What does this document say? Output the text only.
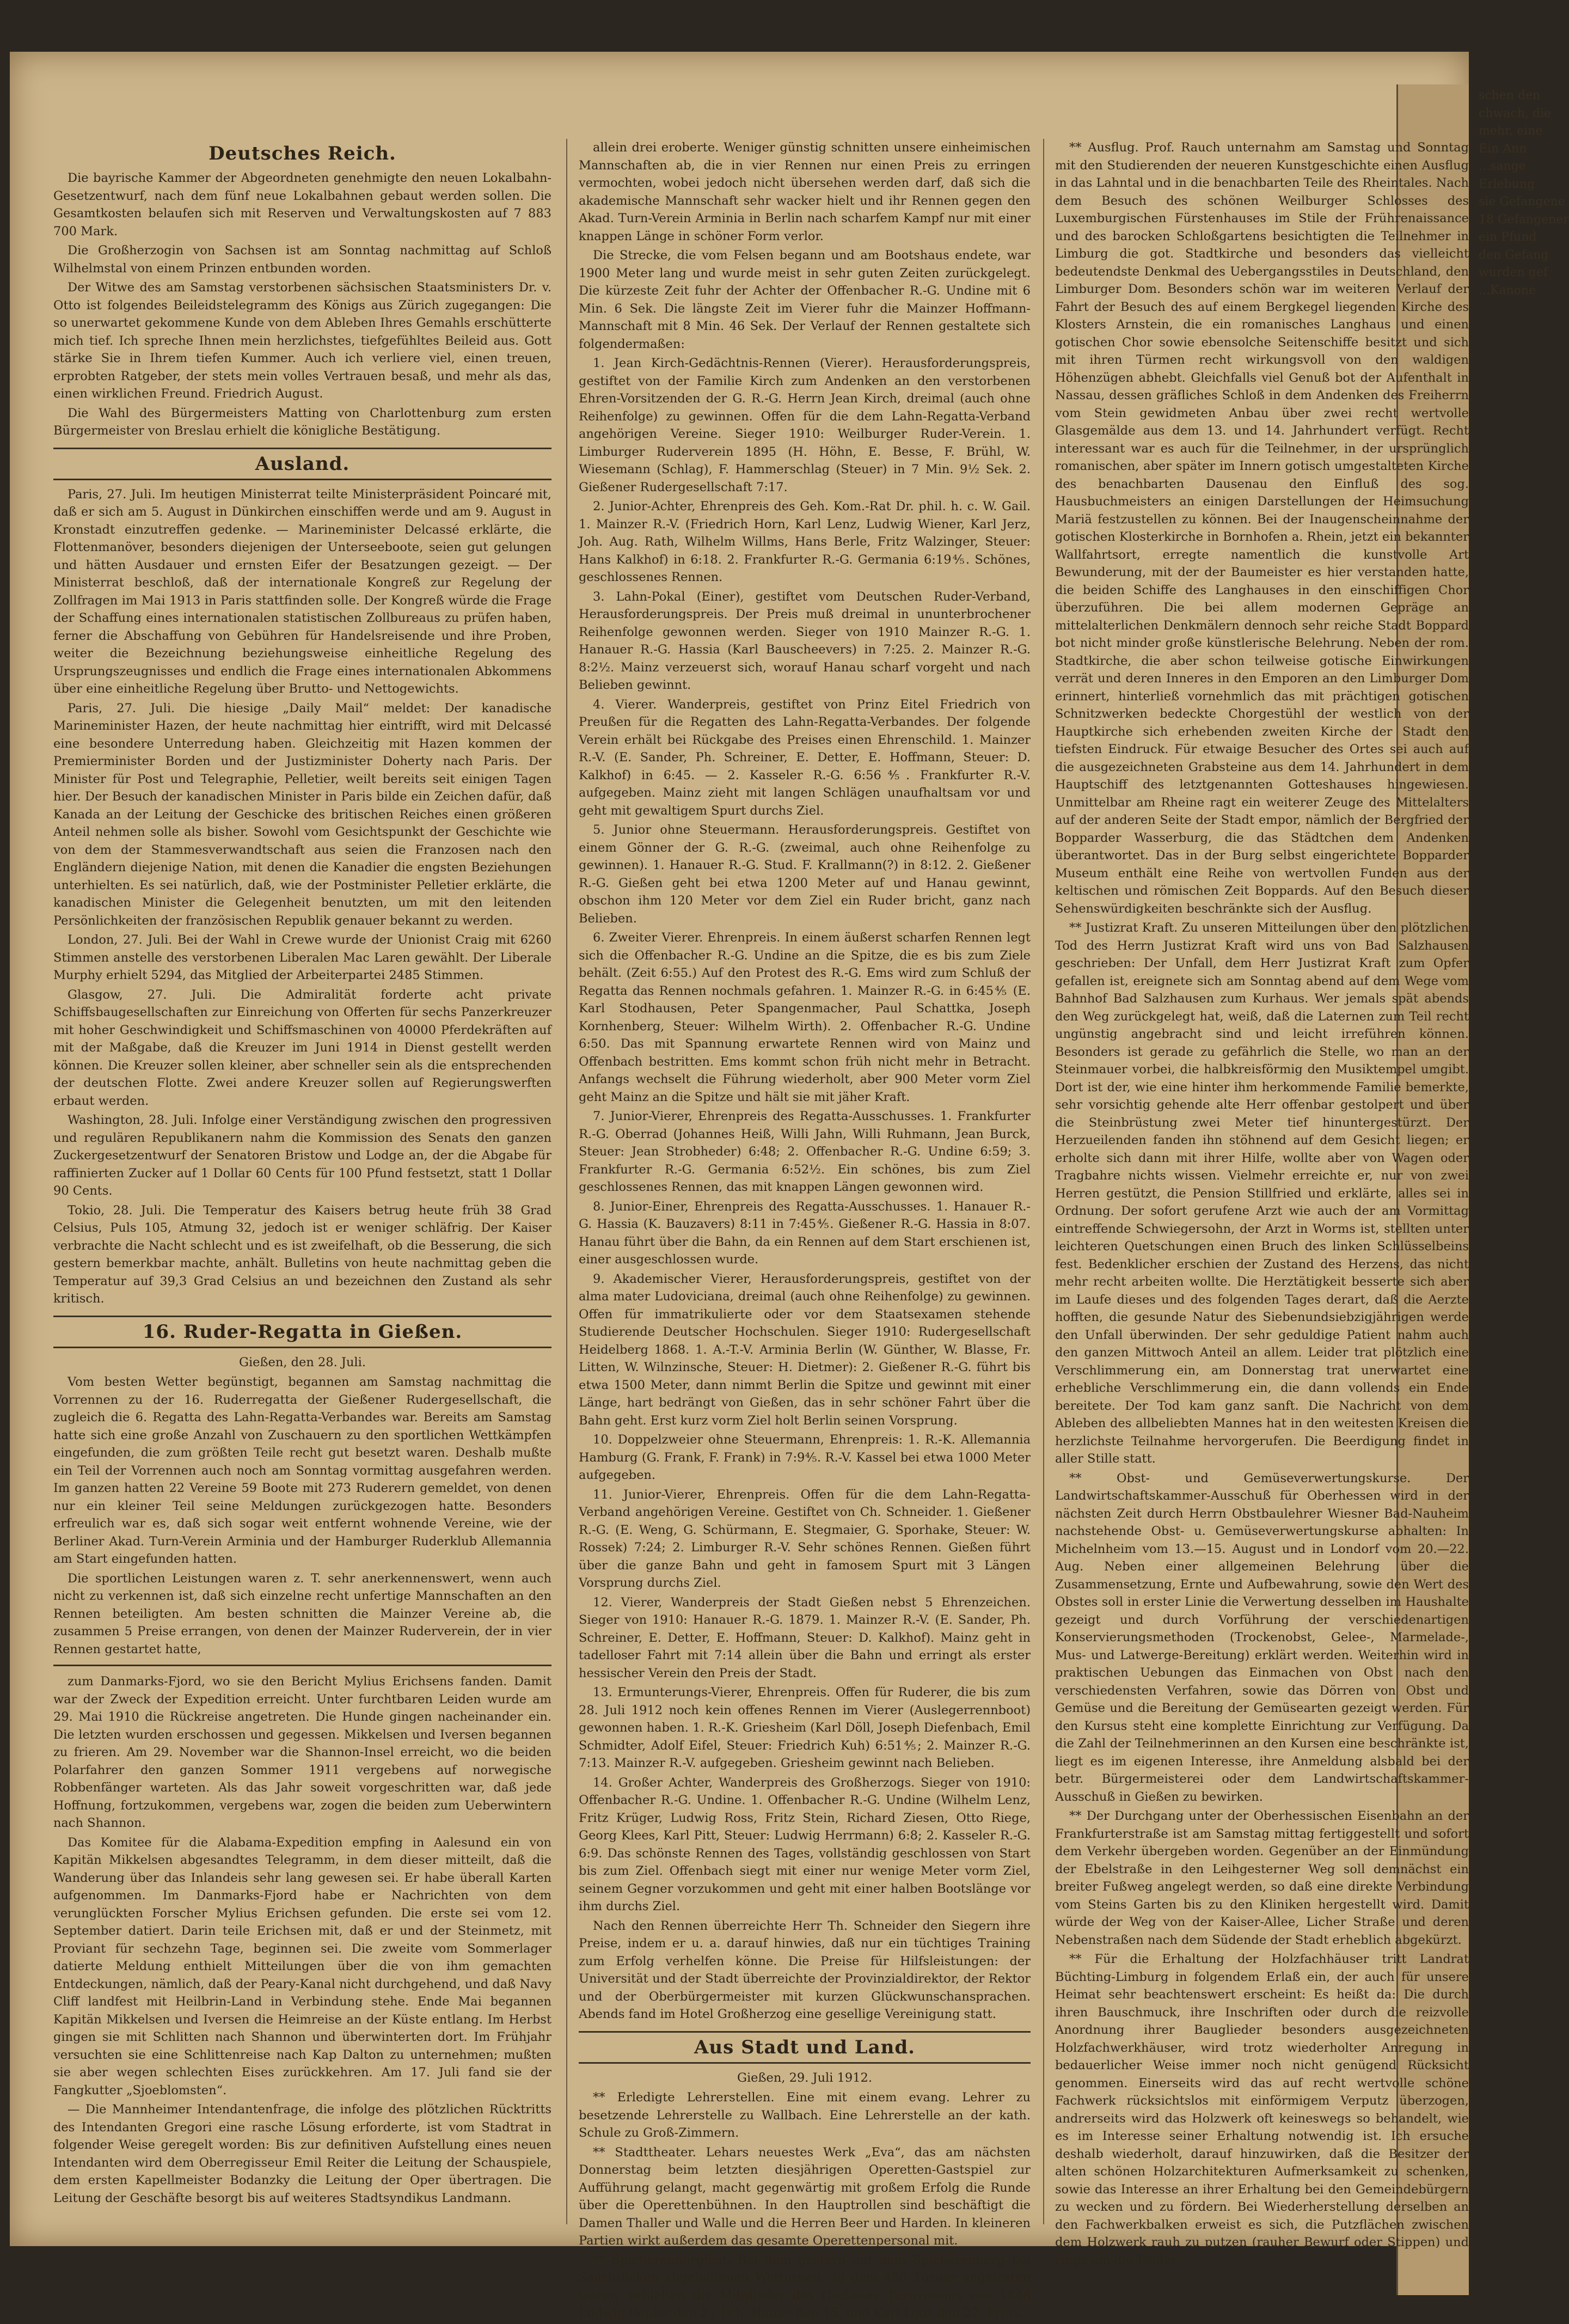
Deutsches Reich.

Die bayrische Kammer der Abgeordneten genehmigte den neuen Lokalbahn-Gesetzentwurf, nach dem fünf neue Lokalbahnen gebaut werden sollen. Die Gesamtkosten belaufen sich mit Reserven und Verwaltungskosten auf 7 883 700 Mark.

Die Großherzogin von Sachsen ist am Sonntag nachmittag auf Schloß Wilhelmstal von einem Prinzen entbunden worden.

Der Witwe des am Samstag verstorbenen sächsischen Staatsministers Dr. v. Otto ist folgendes Beileidstelegramm des Königs aus Zürich zugegangen: Die so unerwartet gekommene Kunde von dem Ableben Ihres Gemahls erschütterte mich tief. Ich spreche Ihnen mein herzlichstes, tiefgefühltes Beileid aus. Gott stärke Sie in Ihrem tiefen Kummer. Auch ich verliere viel, einen treuen, erprobten Ratgeber, der stets mein volles Vertrauen besaß, und mehr als das, einen wirklichen Freund. Friedrich August.

Die Wahl des Bürgermeisters Matting von Charlottenburg zum ersten Bürgermeister von Breslau erhielt die königliche Bestätigung.

Ausland.

Paris, 27. Juli. Im heutigen Ministerrat teilte Ministerpräsident Poincaré mit, daß er sich am 5. August in Dünkirchen einschiffen werde und am 9. August in Kronstadt einzutreffen gedenke. — Marineminister Delcassé erklärte, die Flottenmanöver, besonders diejenigen der Unterseeboote, seien gut gelungen und hätten Ausdauer und ernsten Eifer der Besatzungen gezeigt. — Der Ministerrat beschloß, daß der internationale Kongreß zur Regelung der Zollfragen im Mai 1913 in Paris stattfinden solle. Der Kongreß würde die Frage der Schaffung eines internationalen statistischen Zollbureaus zu prüfen haben, ferner die Abschaffung von Gebühren für Handelsreisende und ihre Proben, weiter die Bezeichnung beziehungsweise einheitliche Regelung des Ursprungszeugnisses und endlich die Frage eines internationalen Abkommens über eine einheitliche Regelung über Brutto- und Nettogewichts.

Paris, 27. Juli. Die hiesige „Daily Mail“ meldet: Der kanadische Marineminister Hazen, der heute nachmittag hier eintrifft, wird mit Delcassé eine besondere Unterredung haben. Gleichzeitig mit Hazen kommen der Premierminister Borden und der Justizminister Doherty nach Paris. Der Minister für Post und Telegraphie, Pelletier, weilt bereits seit einigen Tagen hier. Der Besuch der kanadischen Minister in Paris bilde ein Zeichen dafür, daß Kanada an der Leitung der Geschicke des britischen Reiches einen größeren Anteil nehmen solle als bisher. Sowohl vom Gesichtspunkt der Geschichte wie von dem der Stammesverwandtschaft aus seien die Franzosen nach den Engländern diejenige Nation, mit denen die Kanadier die engsten Beziehungen unterhielten. Es sei natürlich, daß, wie der Postminister Pelletier erklärte, die kanadischen Minister die Gelegenheit benutzten, um mit den leitenden Persönlichkeiten der französischen Republik genauer bekannt zu werden.

London, 27. Juli. Bei der Wahl in Crewe wurde der Unionist Craig mit 6260 Stimmen anstelle des verstorbenen Liberalen Mac Laren gewählt. Der Liberale Murphy erhielt 5294, das Mitglied der Arbeiterpartei 2485 Stimmen.

Glasgow, 27. Juli. Die Admiralität forderte acht private Schiffsbaugesellschaften zur Einreichung von Offerten für sechs Panzerkreuzer mit hoher Geschwindigkeit und Schiffsmaschinen von 40000 Pferdekräften auf mit der Maßgabe, daß die Kreuzer im Juni 1914 in Dienst gestellt werden können. Die Kreuzer sollen kleiner, aber schneller sein als die entsprechenden der deutschen Flotte. Zwei andere Kreuzer sollen auf Regierungswerften erbaut werden.

Washington, 28. Juli. Infolge einer Verständigung zwischen den progressiven und regulären Republikanern nahm die Kommission des Senats den ganzen Zuckergesetzentwurf der Senatoren Bristow und Lodge an, der die Abgabe für raffinierten Zucker auf 1 Dollar 60 Cents für 100 Pfund festsetzt, statt 1 Dollar 90 Cents.

Tokio, 28. Juli. Die Temperatur des Kaisers betrug heute früh 38 Grad Celsius, Puls 105, Atmung 32, jedoch ist er weniger schläfrig. Der Kaiser verbrachte die Nacht schlecht und es ist zweifelhaft, ob die Besserung, die sich gestern bemerkbar machte, anhält. Bulletins von heute nachmittag geben die Temperatur auf 39,3 Grad Celsius an und bezeichnen den Zustand als sehr kritisch.

16. Ruder-Regatta in Gießen.
Gießen, den 28. Juli.

Vom besten Wetter begünstigt, begannen am Samstag nachmittag die Vorrennen zu der 16. Ruderregatta der Gießener Rudergesellschaft, die zugleich die 6. Regatta des Lahn-Regatta-Verbandes war. Bereits am Samstag hatte sich eine große Anzahl von Zuschauern zu den sportlichen Wettkämpfen eingefunden, die zum größten Teile recht gut besetzt waren. Deshalb mußte ein Teil der Vorrennen auch noch am Sonntag vormittag ausgefahren werden. Im ganzen hatten 22 Vereine 59 Boote mit 273 Ruderern gemeldet, von denen nur ein kleiner Teil seine Meldungen zurückgezogen hatte. Besonders erfreulich war es, daß sich sogar weit entfernt wohnende Vereine, wie der Berliner Akad. Turn-Verein Arminia und der Hamburger Ruderklub Allemannia am Start eingefunden hatten.

Die sportlichen Leistungen waren z. T. sehr anerkennenswert, wenn auch nicht zu verkennen ist, daß sich einzelne recht unfertige Mannschaften an den Rennen beteiligten. Am besten schnitten die Mainzer Vereine ab, die zusammen 5 Preise errangen, von denen der Mainzer Ruderverein, der in vier Rennen gestartet hatte,

zum Danmarks-Fjord, wo sie den Bericht Mylius Erichsens fanden. Damit war der Zweck der Expedition erreicht. Unter furchtbaren Leiden wurde am 29. Mai 1910 die Rückreise angetreten. Die Hunde gingen nacheinander ein. Die letzten wurden erschossen und gegessen. Mikkelsen und Iversen begannen zu frieren. Am 29. November war die Shannon-Insel erreicht, wo die beiden Polarfahrer den ganzen Sommer 1911 vergebens auf norwegische Robbenfänger warteten. Als das Jahr soweit vorgeschritten war, daß jede Hoffnung, fortzukommen, vergebens war, zogen die beiden zum Ueberwintern nach Shannon.

Das Komitee für die Alabama-Expedition empfing in Aalesund ein von Kapitän Mikkelsen abgesandtes Telegramm, in dem dieser mitteilt, daß die Wanderung über das Inlandeis sehr lang gewesen sei. Er habe überall Karten aufgenommen. Im Danmarks-Fjord habe er Nachrichten von dem verunglückten Forscher Mylius Erichsen gefunden. Die erste sei vom 12. September datiert. Darin teile Erichsen mit, daß er und der Steinmetz, mit Proviant für sechzehn Tage, beginnen sei. Die zweite vom Sommerlager datierte Meldung enthielt Mitteilungen über die von ihm gemachten Entdeckungen, nämlich, daß der Peary-Kanal nicht durchgehend, und daß Navy Cliff landfest mit Heilbrin-Land in Verbindung stehe. Ende Mai begannen Kapitän Mikkelsen und Iversen die Heimreise an der Küste entlang. Im Herbst gingen sie mit Schlitten nach Shannon und überwinterten dort. Im Frühjahr versuchten sie eine Schlittenreise nach Kap Dalton zu unternehmen; mußten sie aber wegen schlechten Eises zurückkehren. Am 17. Juli fand sie der Fangkutter „Sjoeblomsten“.

— Die Mannheimer Intendantenfrage, die infolge des plötzlichen Rücktritts des Intendanten Gregori eine rasche Lösung erforderte, ist vom Stadtrat in folgender Weise geregelt worden: Bis zur definitiven Aufstellung eines neuen Intendanten wird dem Oberregisseur Emil Reiter die Leitung der Schauspiele, dem ersten Kapellmeister Bodanzky die Leitung der Oper übertragen. Die Leitung der Geschäfte besorgt bis auf weiteres Stadtsyndikus Landmann.

allein drei eroberte. Weniger günstig schnitten unsere einheimischen Mannschaften ab, die in vier Rennen nur einen Preis zu erringen vermochten, wobei jedoch nicht übersehen werden darf, daß sich die akademische Mannschaft sehr wacker hielt und ihr Rennen gegen den Akad. Turn-Verein Arminia in Berlin nach scharfem Kampf nur mit einer knappen Länge in schöner Form verlor.

Die Strecke, die vom Felsen begann und am Bootshaus endete, war 1900 Meter lang und wurde meist in sehr guten Zeiten zurückgelegt. Die kürzeste Zeit fuhr der Achter der Offenbacher R.-G. Undine mit 6 Min. 6 Sek. Die längste Zeit im Vierer fuhr die Mainzer Hoffmann-Mannschaft mit 8 Min. 46 Sek. Der Verlauf der Rennen gestaltete sich folgendermaßen:

1. Jean Kirch-Gedächtnis-Rennen (Vierer). Herausforderungspreis, gestiftet von der Familie Kirch zum Andenken an den verstorbenen Ehren-Vorsitzenden der G. R.-G. Herrn Jean Kirch, dreimal (auch ohne Reihenfolge) zu gewinnen. Offen für die dem Lahn-Regatta-Verband angehörigen Vereine. Sieger 1910: Weilburger Ruder-Verein. 1. Limburger Ruderverein 1895 (H. Höhn, E. Besse, F. Brühl, W. Wiesemann (Schlag), F. Hammerschlag (Steuer) in 7 Min. 9½ Sek. 2. Gießener Rudergesellschaft 7:17.

2. Junior-Achter, Ehrenpreis des Geh. Kom.-Rat Dr. phil. h. c. W. Gail. 1. Mainzer R.-V. (Friedrich Horn, Karl Lenz, Ludwig Wiener, Karl Jerz, Joh. Aug. Rath, Wilhelm Willms, Hans Berle, Fritz Walzinger, Steuer: Hans Kalkhof) in 6:18. 2. Frankfurter R.-G. Germania 6:19⅘. Schönes, geschlossenes Rennen.

3. Lahn-Pokal (Einer), gestiftet vom Deutschen Ruder-Verband, Herausforderungspreis. Der Preis muß dreimal in ununterbrochener Reihenfolge gewonnen werden. Sieger von 1910 Mainzer R.-G. 1. Hanauer R.-G. Hassia (Karl Bauscheevers) in 7:25. 2. Mainzer R.-G. 8:2½. Mainz verzeuerst sich, worauf Hanau scharf vorgeht und nach Belieben gewinnt.

4. Vierer. Wanderpreis, gestiftet von Prinz Eitel Friedrich von Preußen für die Regatten des Lahn-Regatta-Verbandes. Der folgende Verein erhält bei Rückgabe des Preises einen Ehrenschild. 1. Mainzer R.-V. (E. Sander, Ph. Schreiner, E. Detter, E. Hoffmann, Steuer: D. Kalkhof) in 6:45. — 2. Kasseler R.-G. 6:56⅘. Frankfurter R.-V. aufgegeben. Mainz zieht mit langen Schlägen unaufhaltsam vor und geht mit gewaltigem Spurt durchs Ziel.

5. Junior ohne Steuermann. Herausforderungspreis. Gestiftet von einem Gönner der G. R.-G. (zweimal, auch ohne Reihenfolge zu gewinnen). 1. Hanauer R.-G. Stud. F. Krallmann(?) in 8:12. 2. Gießener R.-G. Gießen geht bei etwa 1200 Meter auf und Hanau gewinnt, obschon ihm 120 Meter vor dem Ziel ein Ruder bricht, ganz nach Belieben.

6. Zweiter Vierer. Ehrenpreis. In einem äußerst scharfen Rennen legt sich die Offenbacher R.-G. Undine an die Spitze, die es bis zum Ziele behält. (Zeit 6:55.) Auf den Protest des R.-G. Ems wird zum Schluß der Regatta das Rennen nochmals gefahren. 1. Mainzer R.-G. in 6:45⅘ (E. Karl Stodhausen, Peter Spangenmacher, Paul Schattka, Joseph Kornhenberg, Steuer: Wilhelm Wirth). 2. Offenbacher R.-G. Undine 6:50. Das mit Spannung erwartete Rennen wird von Mainz und Offenbach bestritten. Ems kommt schon früh nicht mehr in Betracht. Anfangs wechselt die Führung wiederholt, aber 900 Meter vorm Ziel geht Mainz an die Spitze und hält sie mit jäher Kraft.

7. Junior-Vierer, Ehrenpreis des Regatta-Ausschusses. 1. Frankfurter R.-G. Oberrad (Johannes Heiß, Willi Jahn, Willi Ruhmann, Jean Burck, Steuer: Jean Strobheder) 6:48; 2. Offenbacher R.-G. Undine 6:59; 3. Frankfurter R.-G. Germania 6:52½. Ein schönes, bis zum Ziel geschlossenes Rennen, das mit knappen Längen gewonnen wird.

8. Junior-Einer, Ehrenpreis des Regatta-Ausschusses. 1. Hanauer R.-G. Hassia (K. Bauzavers) 8:11 in 7:45⅘. Gießener R.-G. Hassia in 8:07. Hanau führt über die Bahn, da ein Rennen auf dem Start erschienen ist, einer ausgeschlossen wurde.

9. Akademischer Vierer, Herausforderungspreis, gestiftet von der alma mater Ludoviciana, dreimal (auch ohne Reihenfolge) zu gewinnen. Offen für immatrikulierte oder vor dem Staatsexamen stehende Studierende Deutscher Hochschulen. Sieger 1910: Rudergesellschaft Heidelberg 1868. 1. A.-T.-V. Arminia Berlin (W. Günther, W. Blasse, Fr. Litten, W. Wilnzinsche, Steuer: H. Dietmer): 2. Gießener R.-G. führt bis etwa 1500 Meter, dann nimmt Berlin die Spitze und gewinnt mit einer Länge, hart bedrängt von Gießen, das in sehr schöner Fahrt über die Bahn geht. Erst kurz vorm Ziel holt Berlin seinen Vorsprung.

10. Doppelzweier ohne Steuermann, Ehrenpreis: 1. R.-K. Allemannia Hamburg (G. Frank, F. Frank) in 7:9⅘. R.-V. Kassel bei etwa 1000 Meter aufgegeben.

11. Junior-Vierer, Ehrenpreis. Offen für die dem Lahn-Regatta-Verband angehörigen Vereine. Gestiftet von Ch. Schneider. 1. Gießener R.-G. (E. Weng, G. Schürmann, E. Stegmaier, G. Sporhake, Steuer: W. Rossek) 7:24; 2. Limburger R.-V. Sehr schönes Rennen. Gießen führt über die ganze Bahn und geht in famosem Spurt mit 3 Längen Vorsprung durchs Ziel.

12. Vierer, Wanderpreis der Stadt Gießen nebst 5 Ehrenzeichen. Sieger von 1910: Hanauer R.-G. 1879. 1. Mainzer R.-V. (E. Sander, Ph. Schreiner, E. Detter, E. Hoffmann, Steuer: D. Kalkhof). Mainz geht in tadelloser Fahrt mit 7:14 allein über die Bahn und erringt als erster hessischer Verein den Preis der Stadt.

13. Ermunterungs-Vierer, Ehrenpreis. Offen für Ruderer, die bis zum 28. Juli 1912 noch kein offenes Rennen im Vierer (Auslegerrennboot) gewonnen haben. 1. R.-K. Griesheim (Karl Döll, Joseph Diefenbach, Emil Schmidter, Adolf Eifel, Steuer: Friedrich Kuh) 6:51⅘; 2. Mainzer R.-G. 7:13. Mainzer R.-V. aufgegeben. Griesheim gewinnt nach Belieben.

14. Großer Achter, Wanderpreis des Großherzogs. Sieger von 1910: Offenbacher R.-G. Undine. 1. Offenbacher R.-G. Undine (Wilhelm Lenz, Fritz Krüger, Ludwig Ross, Fritz Stein, Richard Ziesen, Otto Riege, Georg Klees, Karl Pitt, Steuer: Ludwig Herrmann) 6:8; 2. Kasseler R.-G. 6:9. Das schönste Rennen des Tages, vollständig geschlossen von Start bis zum Ziel. Offenbach siegt mit einer nur wenige Meter vorm Ziel, seinem Gegner vorzukommen und geht mit einer halben Bootslänge vor ihm durchs Ziel.

Nach den Rennen überreichte Herr Th. Schneider den Siegern ihre Preise, indem er u. a. darauf hinwies, daß nur ein tüchtiges Training zum Erfolg verhelfen könne. Die Preise für Hilfsleistungen: der Universität und der Stadt überreichte der Provinzialdirektor, der Rektor und der Oberbürgermeister mit kurzen Glückwunschansprachen. Abends fand im Hotel Großherzog eine gesellige Vereinigung statt.

Aus Stadt und Land.
Gießen, 29. Juli 1912.

** Erledigte Lehrerstellen. Eine mit einem evang. Lehrer zu besetzende Lehrerstelle zu Wallbach. Eine Lehrerstelle an der kath. Schule zu Groß-Zimmern.

** Stadttheater. Lehars neuestes Werk „Eva“, das am nächsten Donnerstag beim letzten diesjährigen Operetten-Gastspiel zur Aufführung gelangt, macht gegenwärtig mit großem Erfolg die Runde über die Operettenbühnen. In den Hauptrollen sind beschäftigt die Damen Thaller und Walle und die Herren Beer und Harden. In kleineren Partien wirkt außerdem das gesamte Operettenpersonal mit.

** Spicherenbergfest. Bei dem gestern auf dem Spicherenberg bei Saarbrücken abgehaltenen Wetturnen, zu dem 480 Turner angetreten waren, erhielten die Mitglieder des Gießener Turnvereins von 1846 Ludwig Bepler den 2., Fch. Hamel den 15. und Karl Loos den 22. Preis.

** Ausflug. Prof. Rauch unternahm am Samstag und Sonntag mit den Studierenden der neueren Kunstgeschichte einen Ausflug in das Lahntal und in die benachbarten Teile des Rheintales. Nach dem Besuch des schönen Weilburger Schlosses des Luxemburgischen Fürstenhauses im Stile der Frührenaissance und des barocken Schloßgartens besichtigten die Teilnehmer in Limburg die got. Stadtkirche und besonders das vielleicht bedeutendste Denkmal des Uebergangsstiles in Deutschland, den Limburger Dom. Besonders schön war im weiteren Verlauf der Fahrt der Besuch des auf einem Bergkegel liegenden Kirche des Klosters Arnstein, die ein romanisches Langhaus und einen gotischen Chor sowie ebensolche Seitenschiffe besitzt und sich mit ihren Türmen recht wirkungsvoll von den waldigen Höhenzügen abhebt. Gleichfalls viel Genuß bot der Aufenthalt in Nassau, dessen gräfliches Schloß in dem Andenken des Freiherrn vom Stein gewidmeten Anbau über zwei recht wertvolle Glasgemälde aus dem 13. und 14. Jahrhundert verfügt. Recht interessant war es auch für die Teilnehmer, in der ursprünglich romanischen, aber später im Innern gotisch umgestalteten Kirche des benachbarten Dausenau den Einfluß des sog. Hausbuchmeisters an einigen Darstellungen der Heimsuchung Mariä festzustellen zu können. Bei der Inaugenscheinnahme der gotischen Klosterkirche in Bornhofen a. Rhein, jetzt ein bekannter Wallfahrtsort, erregte namentlich die kunstvolle Art Bewunderung, mit der der Baumeister es hier verstanden hatte, die beiden Schiffe des Langhauses in den einschiffigen Chor überzuführen. Die bei allem modernen Gepräge an mittelalterlichen Denkmälern dennoch sehr reiche Stadt Boppard bot nicht minder große künstlerische Belehrung. Neben der rom. Stadtkirche, die aber schon teilweise gotische Einwirkungen verrät und deren Inneres in den Emporen an den Limburger Dom erinnert, hinterließ vornehmlich das mit prächtigen gotischen Schnitzwerken bedeckte Chorgestühl der westlich von der Hauptkirche sich erhebenden zweiten Kirche der Stadt den tiefsten Eindruck. Für etwaige Besucher des Ortes sei auch auf die ausgezeichneten Grabsteine aus dem 14. Jahrhundert in dem Hauptschiff des letztgenannten Gotteshauses hingewiesen. Unmittelbar am Rheine ragt ein weiterer Zeuge des Mittelalters auf der anderen Seite der Stadt empor, nämlich der Bergfried der Bopparder Wasserburg, die das Städtchen dem Andenken überantwortet. Das in der Burg selbst eingerichtete Bopparder Museum enthält eine Reihe von wertvollen Funden aus der keltischen und römischen Zeit Boppards. Auf den Besuch dieser Sehenswürdigkeiten beschränkte sich der Ausflug.

** Justizrat Kraft. Zu unseren Mitteilungen über den plötzlichen Tod des Herrn Justizrat Kraft wird uns von Bad Salzhausen geschrieben: Der Unfall, dem Herr Justizrat Kraft zum Opfer gefallen ist, ereignete sich am Sonntag abend auf dem Wege vom Bahnhof Bad Salzhausen zum Kurhaus. Wer jemals spät abends den Weg zurückgelegt hat, weiß, daß die Laternen zum Teil recht ungünstig angebracht sind und leicht irreführen können. Besonders ist gerade zu gefährlich die Stelle, wo man an der Steinmauer vorbei, die halbkreisförmig den Musiktempel umgibt. Dort ist der, wie eine hinter ihm herkommende Familie bemerkte, sehr vorsichtig gehende alte Herr offenbar gestolpert und über die Steinbrüstung zwei Meter tief hinuntergestürzt. Der Herzueilenden fanden ihn stöhnend auf dem Gesicht liegen; er erholte sich dann mit ihrer Hilfe, wollte aber von Wagen oder Tragbahre nichts wissen. Vielmehr erreichte er, nur von zwei Herren gestützt, die Pension Stillfried und erklärte, alles sei in Ordnung. Der sofort gerufene Arzt wie auch der am Vormittag eintreffende Schwiegersohn, der Arzt in Worms ist, stellten unter leichteren Quetschungen einen Bruch des linken Schlüsselbeins fest. Bedenklicher erschien der Zustand des Herzens, das nicht mehr recht arbeiten wollte. Die Herztätigkeit besserte sich aber im Laufe dieses und des folgenden Tages derart, daß die Aerzte hofften, die gesunde Natur des Siebenundsiebzigjährigen werde den Unfall überwinden. Der sehr geduldige Patient nahm auch den ganzen Mittwoch Anteil an allem. Leider trat plötzlich eine Verschlimmerung ein, am Donnerstag trat unerwartet eine erhebliche Verschlimmerung ein, die dann vollends ein Ende bereitete. Der Tod kam ganz sanft. Die Nachricht von dem Ableben des allbeliebten Mannes hat in den weitesten Kreisen die herzlichste Teilnahme hervorgerufen. Die Beerdigung findet in aller Stille statt.

** Obst- und Gemüseverwertungskurse. Der Landwirtschaftskammer-Ausschuß für Oberhessen wird in der nächsten Zeit durch Herrn Obstbaulehrer Wiesner Bad-Nauheim nachstehende Obst- u. Gemüseverwertungskurse abhalten: In Michelnheim vom 13.—15. August und in Londorf vom 20.—22. Aug. Neben einer allgemeinen Belehrung über die Zusammensetzung, Ernte und Aufbewahrung, sowie den Wert des Obstes soll in erster Linie die Verwertung desselben im Haushalte gezeigt und durch Vorführung der verschiedenartigen Konservierungsmethoden (Trockenobst, Gelee-, Marmelade-, Mus- und Latwerge-Bereitung) erklärt werden. Weiterhin wird in praktischen Uebungen das Einmachen von Obst nach den verschiedensten Verfahren, sowie das Dörren von Obst und Gemüse und die Bereitung der Gemüsearten gezeigt werden. Für den Kursus steht eine komplette Einrichtung zur Verfügung. Da die Zahl der Teilnehmerinnen an den Kursen eine beschränkte ist, liegt es im eigenen Interesse, ihre Anmeldung alsbald bei der betr. Bürgermeisterei oder dem Landwirtschaftskammer-Ausschuß in Gießen zu bewirken.

** Der Durchgang unter der Oberhessischen Eisenbahn an der Frankfurterstraße ist am Samstag mittag fertiggestellt und sofort dem Verkehr übergeben worden. Gegenüber an der Einmündung der Ebelstraße in den Leihgesterner Weg soll demnächst ein breiter Fußweg angelegt werden, so daß eine direkte Verbindung vom Steins Garten bis zu den Kliniken hergestellt wird. Damit würde der Weg von der Kaiser-Allee, Licher Straße und deren Nebenstraßen nach dem Südende der Stadt erheblich abgekürzt.

** Für die Erhaltung der Holzfachhäuser tritt Landrat Büchting-Limburg in folgendem Erlaß ein, der auch für unsere Heimat sehr beachtenswert erscheint: Es heißt da: Die durch ihren Bauschmuck, ihre Inschriften oder durch die reizvolle Anordnung ihrer Bauglieder besonders ausgezeichneten Holzfachwerkhäuser, wird trotz wiederholter Anregung in bedauerlicher Weise immer noch nicht genügend Rücksicht genommen. Einerseits wird das auf recht wertvolle schöne Fachwerk rücksichtslos mit einförmigem Verputz überzogen, andrerseits wird das Holzwerk oft keineswegs so behandelt, wie es im Interesse seiner Erhaltung notwendig ist. Ich ersuche deshalb wiederholt, darauf hinzuwirken, daß die Besitzer der alten schönen Holzarchitekturen Aufmerksamkeit zu schenken, sowie das Interesse an ihrer Erhaltung bei den Gemeindebürgern zu wecken und zu fördern. Bei Wiederherstellung derselben an den Fachwerkbalken erweist es sich, die Putzflächen zwischen dem Holzwerk rauh zu putzen (rauher Bewurf oder Stippen) und rings um die Felder

schen den
chwach, die
mehr, eine
Ein Ann
...sange
Erlebung
sie Gefangene
18 Gefangener
ein Pfund
den Gefang
wurden gef
...Kanone
